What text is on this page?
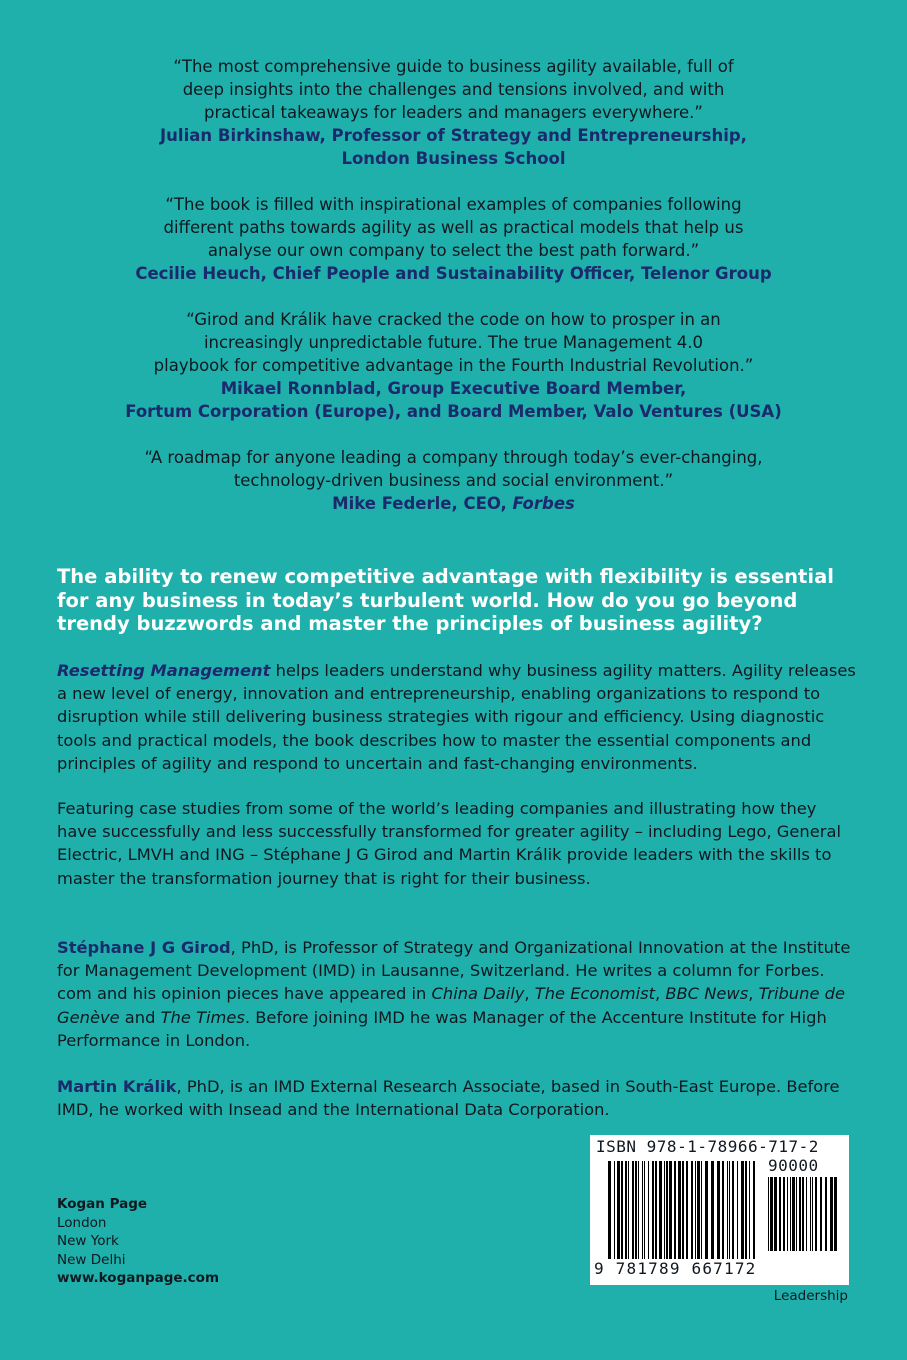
“The most comprehensive guide to business agility available, full of
deep insights into the challenges and tensions involved, and with
practical takeaways for leaders and managers everywhere.”
Julian Birkinshaw, Professor of Strategy and Entrepreneurship,
London Business School
“The book is filled with inspirational examples of companies following
different paths towards agility as well as practical models that help us
analyse our own company to select the best path forward.”
Cecilie Heuch, Chief People and Sustainability Officer, Telenor Group
“Girod and Králik have cracked the code on how to prosper in an
increasingly unpredictable future. The true Management 4.0
playbook for competitive advantage in the Fourth Industrial Revolution.”
Mikael Ronnblad, Group Executive Board Member,
Fortum Corporation (Europe), and Board Member, Valo Ventures (USA)
“A roadmap for anyone leading a company through today’s ever-changing,
technology-driven business and social environment.”
Mike Federle, CEO, Forbes
The ability to renew competitive advantage with flexibility is essential for any business in today’s turbulent world. How do you go beyond trendy buzzwords and master the principles of business agility?
Resetting Management helps leaders understand why business agility matters. Agility releases a new level of energy, innovation and entrepreneurship, enabling organizations to respond to disruption while still delivering business strategies with rigour and efficiency. Using diagnostic tools and practical models, the book describes how to master the essential components and principles of agility and respond to uncertain and fast-changing environments.
Featuring case studies from some of the world’s leading companies and illustrating how they have successfully and less successfully transformed for greater agility – including Lego, General Electric, LMVH and ING – Stéphane J G Girod and Martin Králik provide leaders with the skills to master the transformation journey that is right for their business.
Stéphane J G Girod, PhD, is Professor of Strategy and Organizational Innovation at the Institute for Management Development (IMD) in Lausanne, Switzerland. He writes a column for Forbes. com and his opinion pieces have appeared in China Daily, The Economist, BBC News, Tribune de Genève and The Times. Before joining IMD he was Manager of the Accenture Institute for High Performance in London.
Martin Králik, PhD, is an IMD External Research Associate, based in South-East Europe. Before IMD, he worked with Insead and the International Data Corporation.
Kogan Page
London
New York
New Delhi
www.koganpage.com
ISBN 978-1-78966-717-2
90000
9 781789 667172
Leadership
